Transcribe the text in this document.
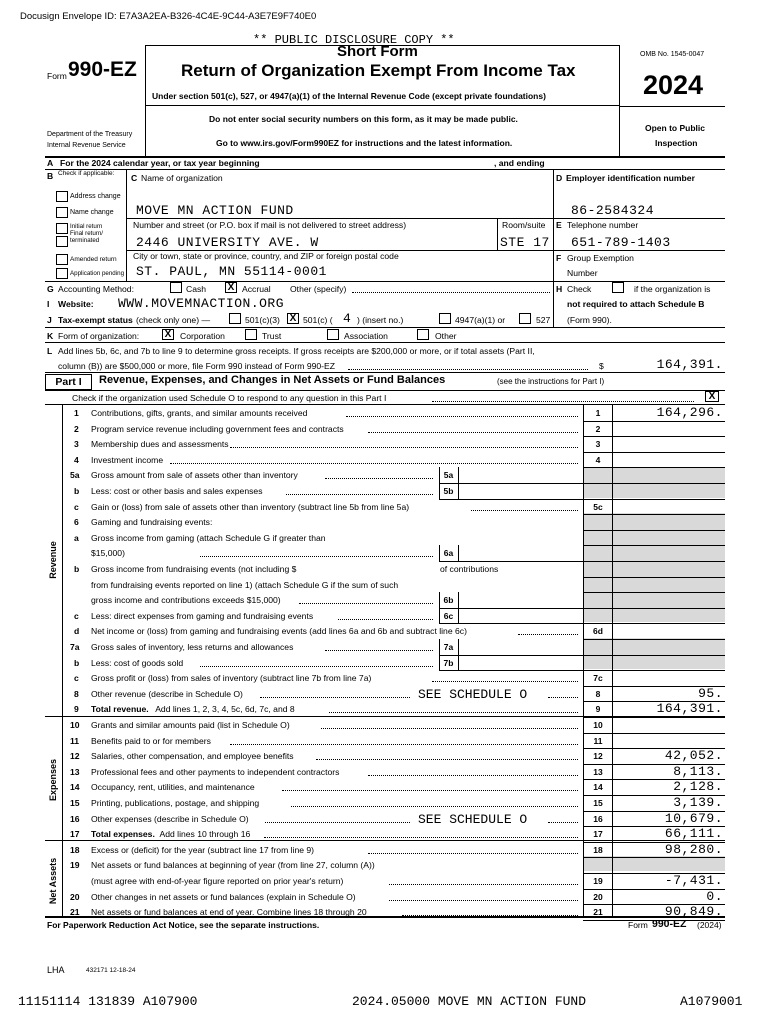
Docusign Envelope ID: E7A3A2EA-B326-4C4E-9C44-A3E7E9F740E0
** PUBLIC DISCLOSURE COPY **
Form 990-EZ
Short Form
Return of Organization Exempt From Income Tax
Under section 501(c), 527, or 4947(a)(1) of the Internal Revenue Code (except private foundations)
Do not enter social security numbers on this form, as it may be made public.
Go to www.irs.gov/Form990EZ for instructions and the latest information.
Department of the Treasury
Internal Revenue Service
OMB No. 1545-0047
2024
Open to Public
Inspection
A For the 2024 calendar year, or tax year beginning	, and ending
B Check if applicable:
Address change
Name change
Initial return
Final return/ terminated
Amended return
Application pending
C Name of organization
MOVE MN ACTION FUND
Number and street (or P.O. box if mail is not delivered to street address)	Room/suite
2446 UNIVERSITY AVE. W	STE 17
City or town, state or province, country, and ZIP or foreign postal code
ST. PAUL, MN 55114-0001
D Employer identification number
86-2584324
E Telephone number
651-789-1403
F Group Exemption
Number
H Check	if the organization is
not required to attach Schedule B
(Form 990).
G Accounting Method:	Cash X Accrual Other (specify)
I Website: WWW.MOVEMNACTION.ORG
J Tax-exempt status (check only one) —	501(c)(3) X 501(c) ( 4 ) (insert no.)	4947(a)(1) or	527
K Form of organization:	X	Corporation	Trust	Association	Other
L Add lines 5b, 6c, and 7b to line 9 to determine gross receipts. If gross receipts are $200,000 or more, or if total assets (Part II,
column (B)) are $500,000 or more, file Form 990 instead of Form 990-EZ	$	164,391.
Part I	Revenue, Expenses, and Changes in Net Assets or Fund Balances	(see the instructions for Part I)
Check if the organization used Schedule O to respond to any question in this Part I	X
Revenue
Expenses
Net Assets
1 Contributions, gifts, grants, and similar amounts received	1	164,296.
2 Program service revenue including government fees and contracts	2
3 Membership dues and assessments	3
4 Investment income	4
5a Gross amount from sale of assets other than inventory	5a
b Less: cost or other basis and sales expenses	5b
c Gain or (loss) from sale of assets other than inventory (subtract line 5b from line 5a)	5c
6 Gaming and fundraising events:
a Gross income from gaming (attach Schedule G if greater than
$15,000)	6a
b Gross income from fundraising events (not including $	of contributions
from fundraising events reported on line 1) (attach Schedule G if the sum of such
gross income and contributions exceeds $15,000)	6b
c Less: direct expenses from gaming and fundraising events	6c
d Net income or (loss) from gaming and fundraising events (add lines 6a and 6b and subtract line 6c)	6d
7a Gross sales of inventory, less returns and allowances	7a
b Less: cost of goods sold	7b
c Gross profit or (loss) from sales of inventory (subtract line 7b from line 7a)	7c
8 Other revenue (describe in Schedule O)	SEE SCHEDULE O	8	95.
9 Total revenue. Add lines 1, 2, 3, 4, 5c, 6d, 7c, and 8	9	164,391.
10 Grants and similar amounts paid (list in Schedule O)	10
11 Benefits paid to or for members	11
12 Salaries, other compensation, and employee benefits	12	42,052.
13 Professional fees and other payments to independent contractors	13	8,113.
14 Occupancy, rent, utilities, and maintenance	14	2,128.
15 Printing, publications, postage, and shipping	15	3,139.
16 Other expenses (describe in Schedule O)	SEE SCHEDULE O	16	10,679.
17 Total expenses. Add lines 10 through 16	17	66,111.
18 Excess or (deficit) for the year (subtract line 17 from line 9)	18	98,280.
19 Net assets or fund balances at beginning of year (from line 27, column (A))
(must agree with end-of-year figure reported on prior year's return)	19	-7,431.
20 Other changes in net assets or fund balances (explain in Schedule O)	20	0.
21 Net assets or fund balances at end of year. Combine lines 18 through 20	21	90,849.
For Paperwork Reduction Act Notice, see the separate instructions.	Form 990-EZ (2024)
LHA	432171 12-18-24
11151114 131839 A107900	2024.05000 MOVE MN ACTION FUND	A1079001
